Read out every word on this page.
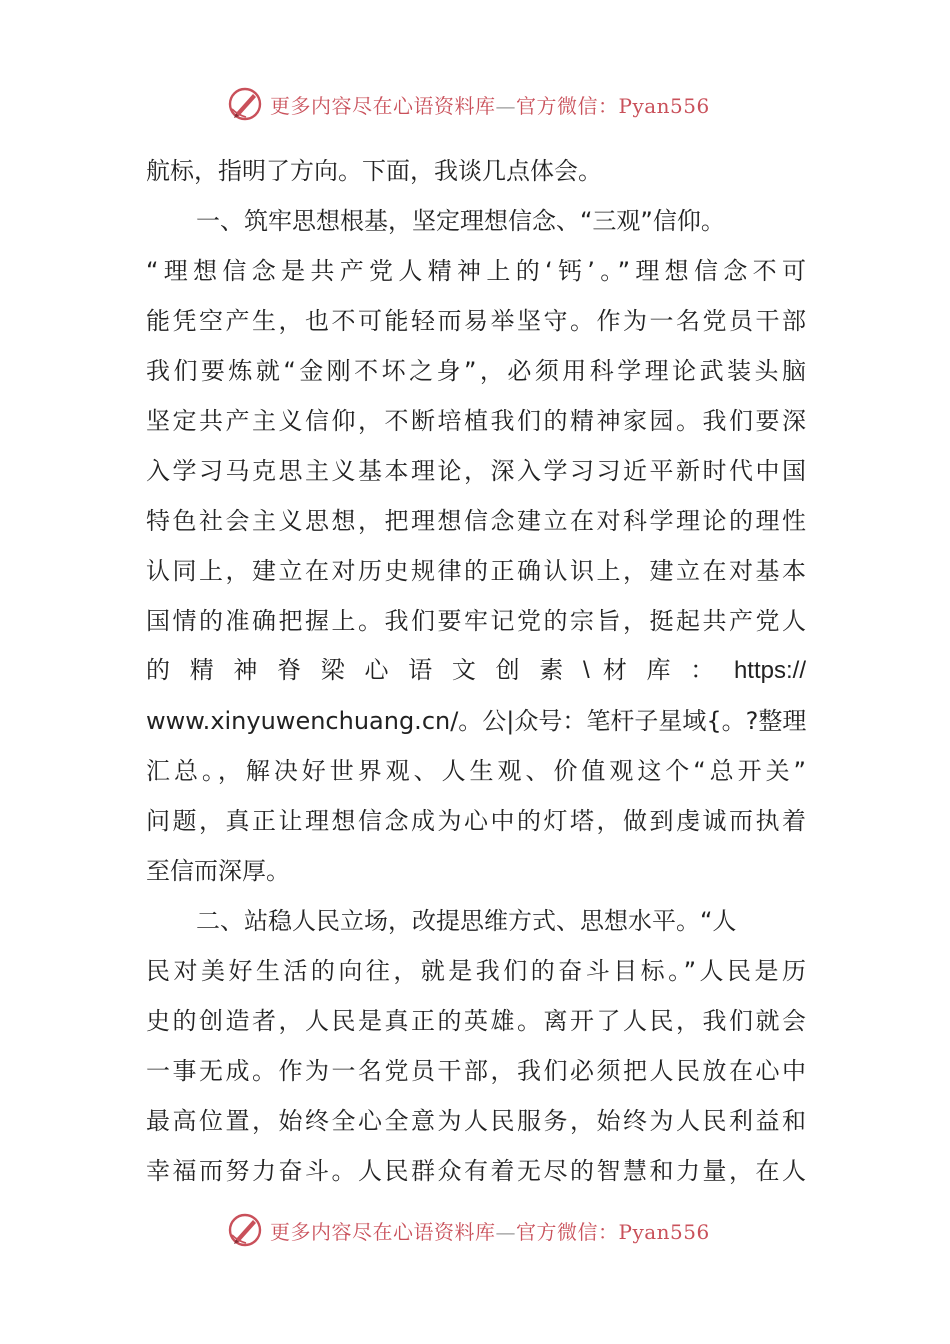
更多内容尽在心语资料库—官方微信：Pyan556
航标，指明了方向。下面，我谈几点体会。
一、筑牢思想根基，坚定理想信念、“三观”信仰。
“理想信念是共产党人精神上的‘钙’。”理想信念不可
能凭空产生，也不可能轻而易举坚守。作为一名党员干部
我们要炼就“金刚不坏之身”，必须用科学理论武装头脑
坚定共产主义信仰，不断培植我们的精神家园。我们要深
入学习马克思主义基本理论，深入学习习近平新时代中国
特色社会主义思想，把理想信念建立在对科学理论的理性
认同上，建立在对历史规律的正确认识上，建立在对基本
国情的准确把握上。我们要牢记党的宗旨，挺起共产党人
的 精 神 脊 梁 心 语 文 创 素 \ 材 库 ： https://
www.xinyuwenchuang.cn/。公|众号：笔杆子星域{。?整理
汇总。，解决好世界观、人生观、价值观这个“总开关”
问题，真正让理想信念成为心中的灯塔，做到虔诚而执着
至信而深厚。
二、站稳人民立场，改提思维方式、思想水平。“人
民对美好生活的向往，就是我们的奋斗目标。”人民是历
史的创造者，人民是真正的英雄。离开了人民，我们就会
一事无成。作为一名党员干部，我们必须把人民放在心中
最高位置，始终全心全意为人民服务，始终为人民利益和
幸福而努力奋斗。人民群众有着无尽的智慧和力量，在人
更多内容尽在心语资料库—官方微信：Pyan556
